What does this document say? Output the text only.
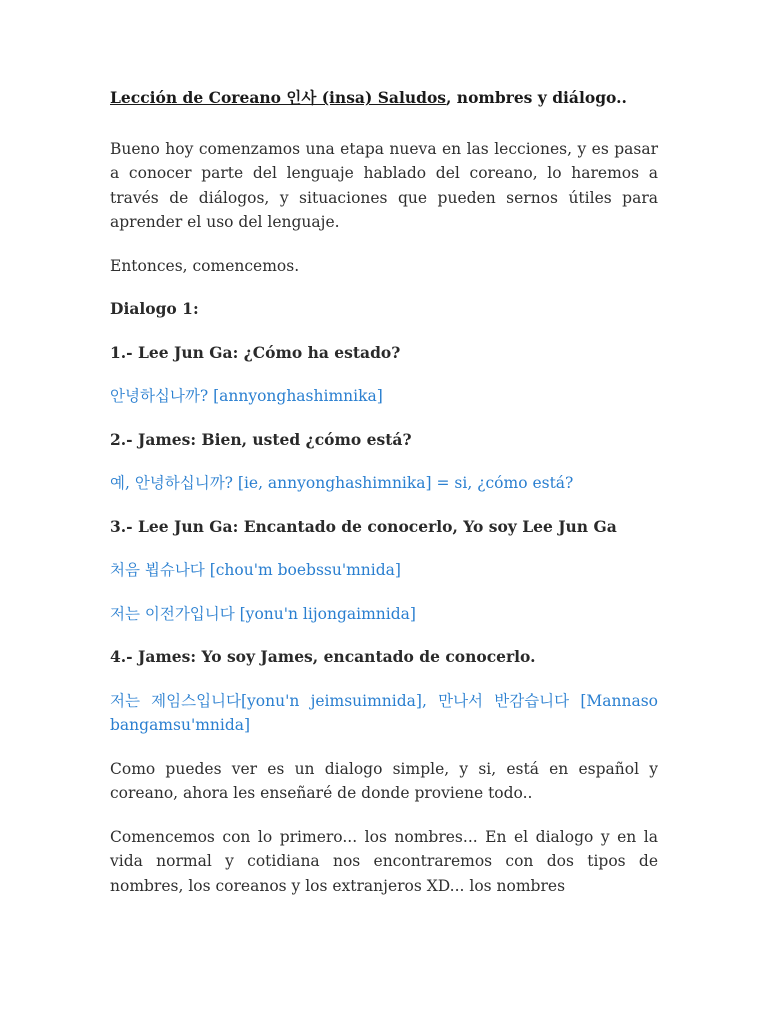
Lección de Coreano 인사 (insa) Saludos, nombres y diálogo..

Bueno hoy comenzamos una etapa nueva en las lecciones, y es pasar a conocer parte del lenguaje hablado del coreano, lo haremos a través de diálogos, y situaciones que pueden sernos útiles para aprender el uso del lenguaje.

Entonces, comencemos.

Dialogo 1:

1.- Lee Jun Ga: ¿Cómo ha estado?

안녕하십나까? [annyonghashimnika]

2.- James: Bien, usted ¿cómo está?

예, 안녕하십니까? [ie, annyonghashimnika] = si, ¿cómo está?

3.- Lee Jun Ga: Encantado de conocerlo, Yo soy Lee Jun Ga

처음 뵙슈나다 [chou'm boebssu'mnida]

저는 이전가입니다 [yonu'n lijongaimnida]

4.- James: Yo soy James, encantado de conocerlo.

저는 제임스입니다[yonu'n jeimsuimnida], 만나서 반감습니다 [Mannaso bangamsu'mnida]

Como puedes ver es un dialogo simple, y si, está en español y coreano, ahora les enseñaré de donde proviene todo..

Comencemos con lo primero... los nombres... En el dialogo y en la vida normal y cotidiana nos encontraremos con dos tipos de nombres, los coreanos y los extranjeros XD... los nombres
